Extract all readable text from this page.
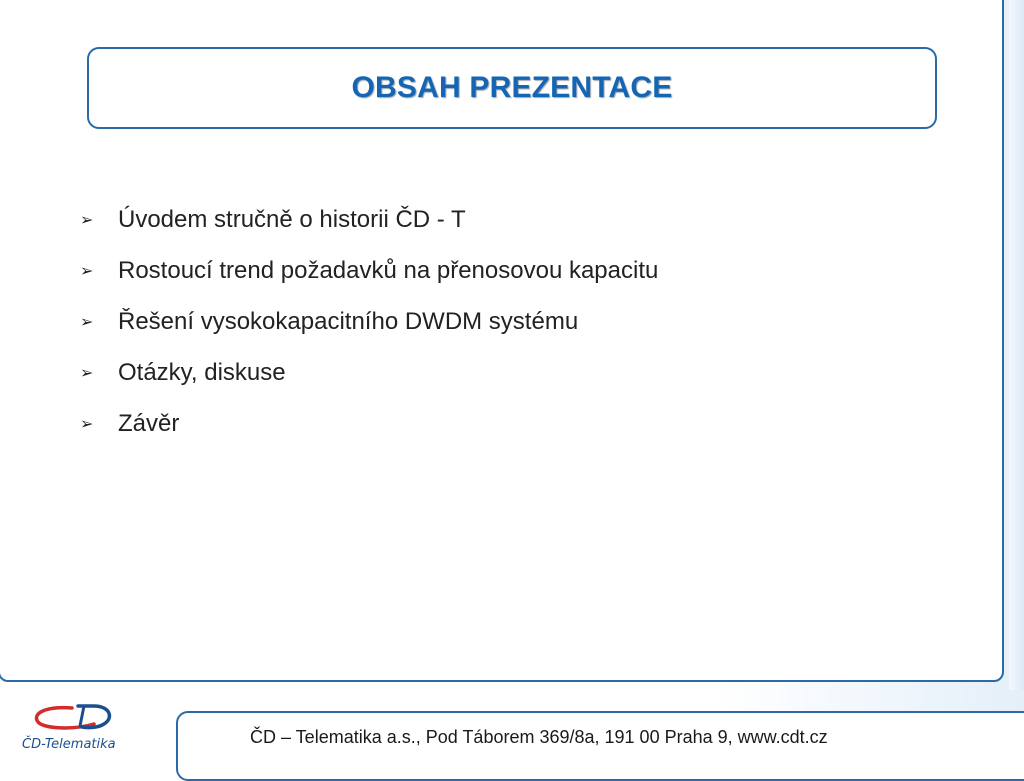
OBSAH PREZENTACE
➢	Úvodem stručně o historii ČD - T
➢	Rostoucí trend požadavků na přenosovou kapacitu
➢	Řešení vysokokapacitního DWDM systému
➢	Otázky, diskuse
➢	Závěr
ČD-Telematika	ČD – Telematika a.s., Pod Táborem 369/8a, 191 00 Praha 9, www.cdt.cz
